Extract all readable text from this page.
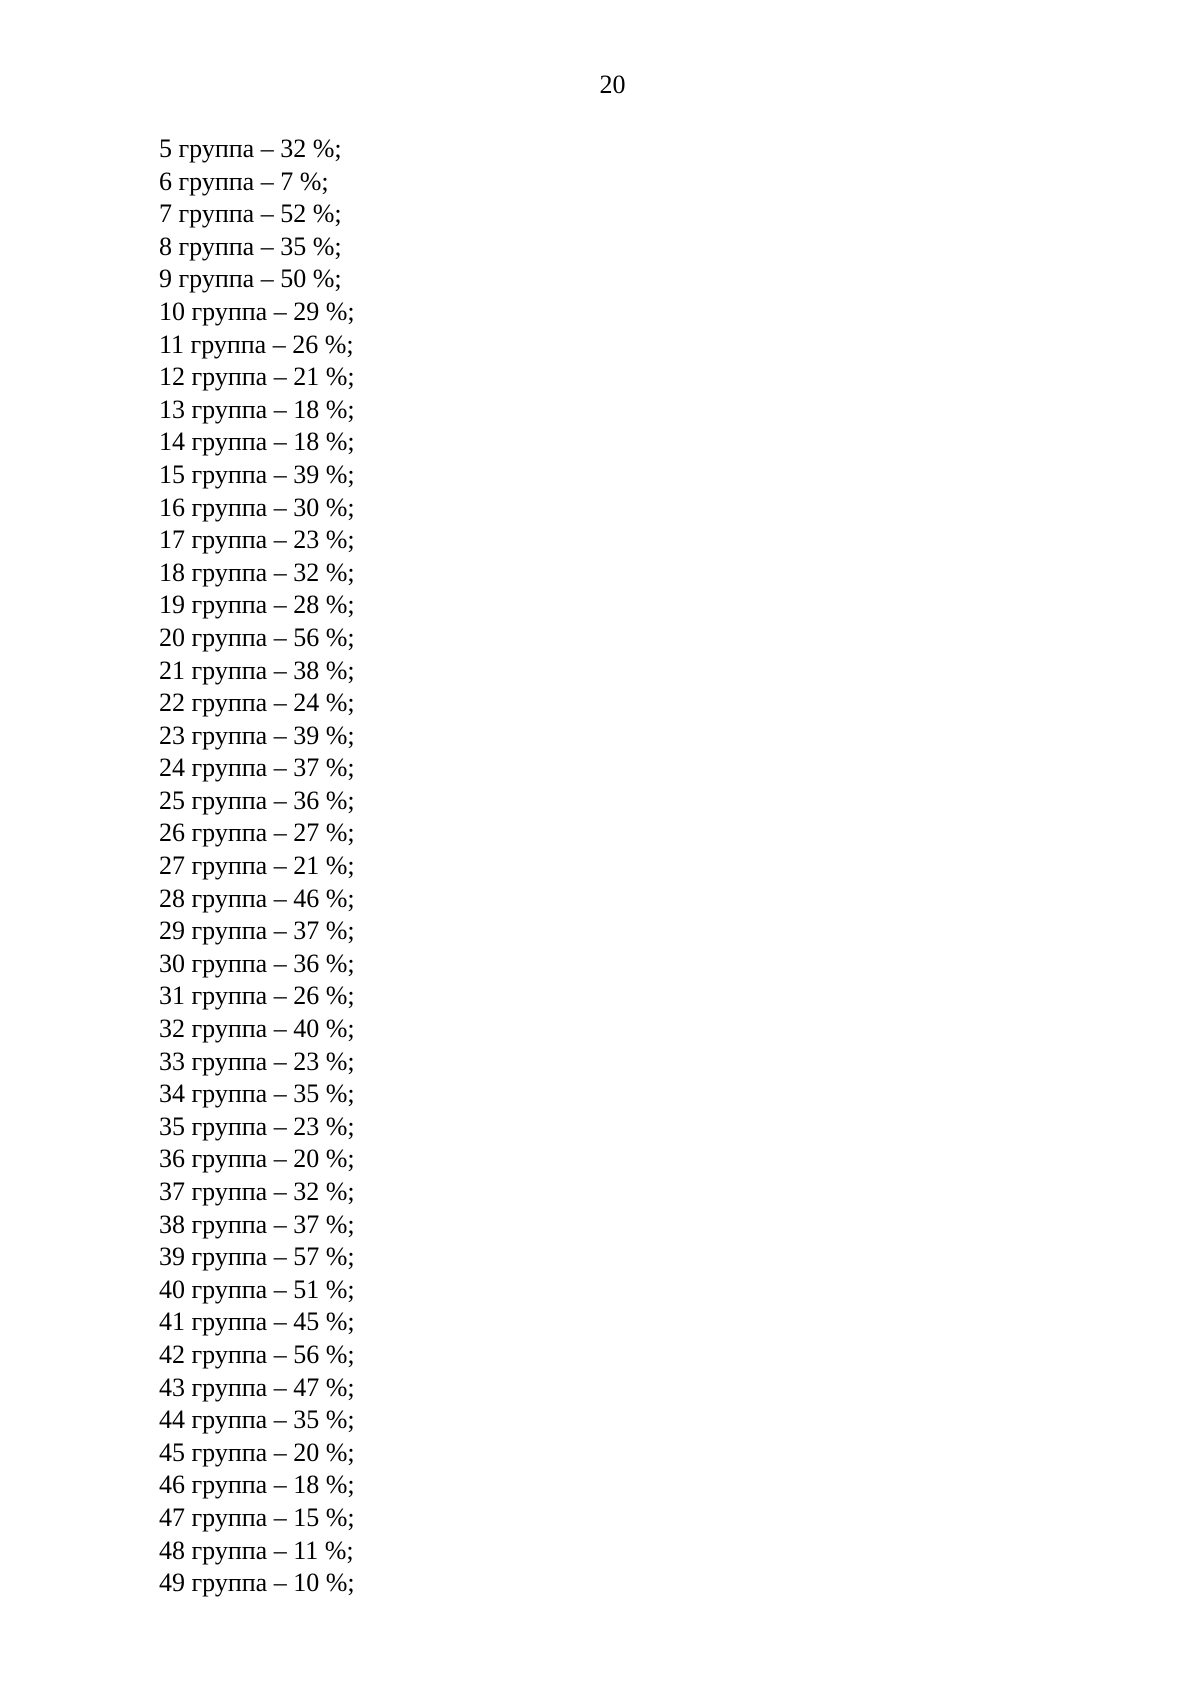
20
5 группа – 32 %;
6 группа – 7 %;
7 группа – 52 %;
8 группа – 35 %;
9 группа – 50 %;
10 группа – 29 %;
11 группа – 26 %;
12 группа – 21 %;
13 группа – 18 %;
14 группа – 18 %;
15 группа – 39 %;
16 группа – 30 %;
17 группа – 23 %;
18 группа – 32 %;
19 группа – 28 %;
20 группа – 56 %;
21 группа – 38 %;
22 группа – 24 %;
23 группа – 39 %;
24 группа – 37 %;
25 группа – 36 %;
26 группа – 27 %;
27 группа – 21 %;
28 группа – 46 %;
29 группа – 37 %;
30 группа – 36 %;
31 группа – 26 %;
32 группа – 40 %;
33 группа – 23 %;
34 группа – 35 %;
35 группа – 23 %;
36 группа – 20 %;
37 группа – 32 %;
38 группа – 37 %;
39 группа – 57 %;
40 группа – 51 %;
41 группа – 45 %;
42 группа – 56 %;
43 группа – 47 %;
44 группа – 35 %;
45 группа – 20 %;
46 группа – 18 %;
47 группа – 15 %;
48 группа – 11 %;
49 группа – 10 %;
